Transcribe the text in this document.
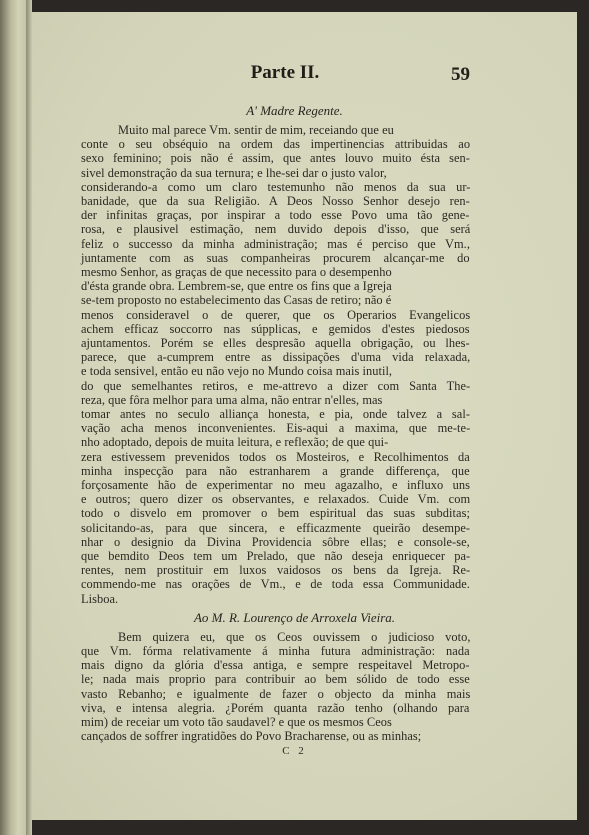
Parte II.	59
A' Madre Regente.
Muito mal parece Vm. sentir de mim, receiando que eu
conte o seu obséquio na ordem das impertinencias attribuidas ao
sexo feminino; pois não é assim, que antes louvo muito ésta sen-
sivel demonstração da sua ternura; e lhe-sei dar o justo valor,
considerando-a como um claro testemunho não menos da sua ur-
banidade, que da sua Religião. A Deos Nosso Senhor desejo ren-
der infinitas graças, por inspirar a todo esse Povo uma tão gene-
rosa, e plausivel estimação, nem duvido depois d'isso, que será
feliz o successo da minha administração; mas é perciso que Vm.,
juntamente com as suas companheiras procurem alcançar-me do
mesmo Senhor, as graças de que necessito para o desempenho
d'ésta grande obra. Lembrem-se, que entre os fins que a Igreja
se-tem proposto no estabelecimento das Casas de retiro; não é
menos consideravel o de querer, que os Operarios Evangelicos
achem efficaz soccorro nas súpplicas, e gemidos d'estes piedosos
ajuntamentos. Porém se elles despresão aquella obrigação, ou lhes-
parece, que a-cumprem entre as dissipações d'uma vida relaxada,
e toda sensivel, então eu não vejo no Mundo coisa mais inutil,
do que semelhantes retiros, e me-attrevo a dizer com Santa The-
reza, que fôra melhor para uma alma, não entrar n'elles, mas
tomar antes no seculo alliança honesta, e pia, onde talvez a sal-
vação acha menos inconvenientes. Eis-aqui a maxima, que me-te-
nho adoptado, depois de muita leitura, e reflexão; de que qui-
zera estivessem prevenidos todos os Mosteiros, e Recolhimentos da
minha inspecção para não estranharem a grande differença, que
forçosamente hão de experimentar no meu agazalho, e influxo uns
e outros; quero dizer os observantes, e relaxados. Cuide Vm. com
todo o disvelo em promover o bem espiritual das suas subditas;
solicitando-as, para que sincera, e efficazmente queirão desempe-
nhar o designio da Divina Providencia sôbre ellas; e console-se,
que bemdito Deos tem um Prelado, que não deseja enriquecer pa-
rentes, nem prostituir em luxos vaidosos os bens da Igreja. Re-
commendo-me nas orações de Vm., e de toda essa Communidade.
Lisboa.
Ao M. R. Lourenço de Arroxela Vieira.
Bem quizera eu, que os Ceos ouvissem o judicioso voto,
que Vm. fórma relativamente á minha futura administração: nada
mais digno da glória d'essa antiga, e sempre respeitavel Metropo-
le; nada mais proprio para contribuir ao bem sólido de todo esse
vasto Rebanho; e igualmente de fazer o objecto da minha mais
viva, e intensa alegria. ¿Porém quanta razão tenho (olhando para
mim) de receiar um voto tão saudavel? e que os mesmos Ceos
cançados de soffrer ingratidões do Povo Bracharense, ou as minhas;
C 2
